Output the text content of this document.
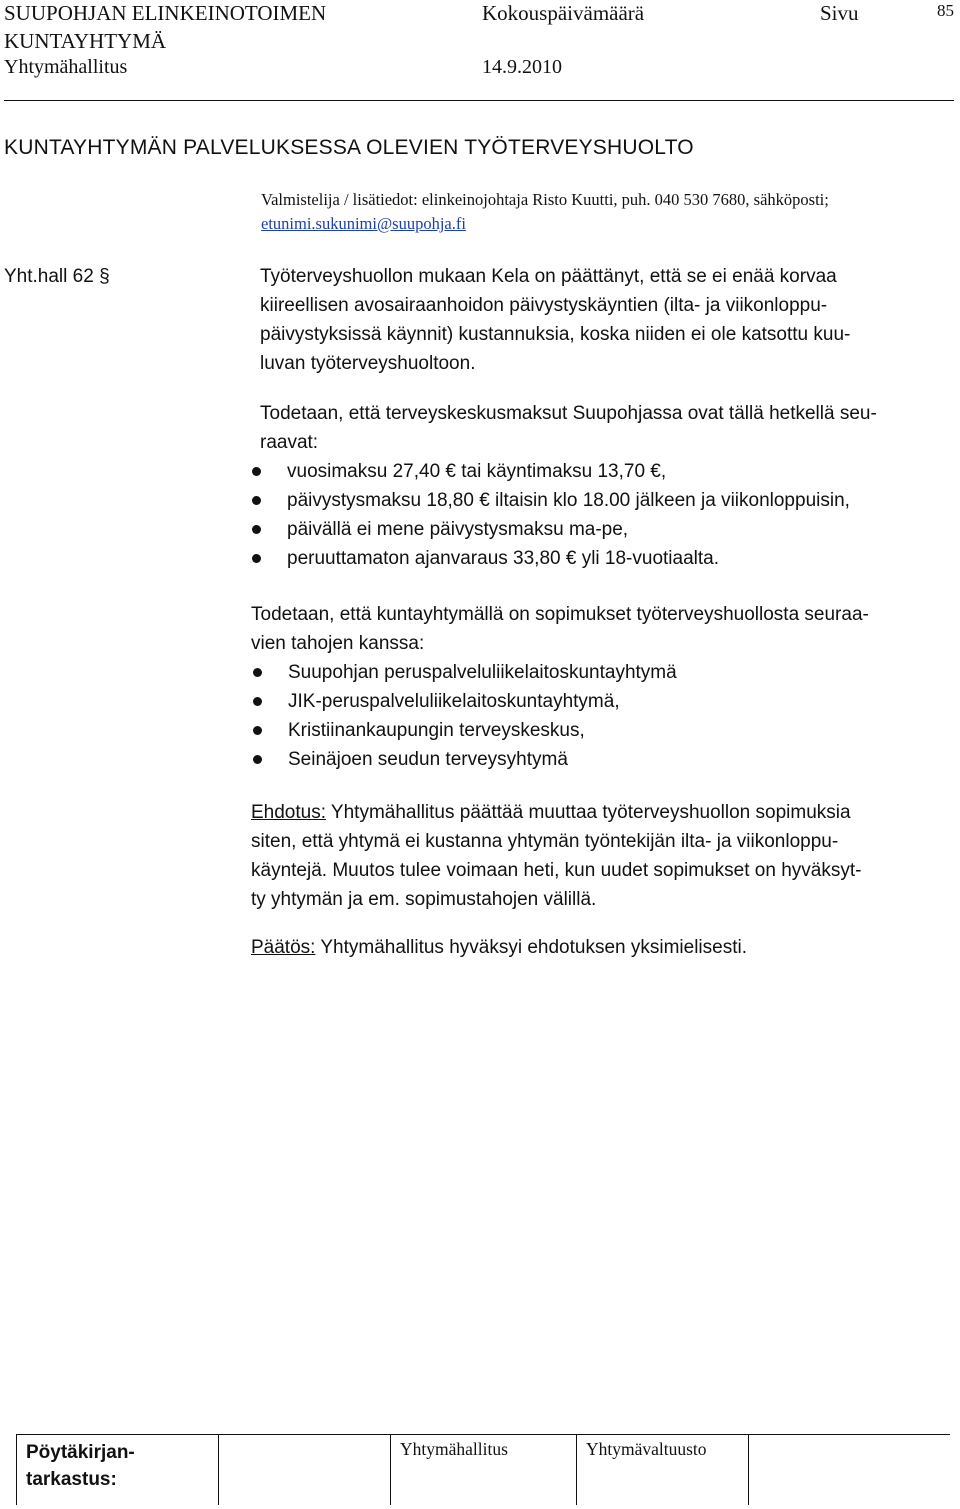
SUUPOHJAN ELINKEINOTOIMEN
KUNTAYHTYMÄ
Yhtymähallitus
Kokouspäivämäärä
14.9.2010
Sivu	85
KUNTAYHTYMÄN PALVELUKSESSA OLEVIEN TYÖTERVEYSHUOLTO
Valmistelija / lisätiedot: elinkeinojohtaja Risto Kuutti, puh. 040 530 7680, sähköposti;
etunimi.sukunimi@suupohja.fi
Yht.hall 62 §	Työterveyshuollon mukaan Kela on päättänyt, että se ei enää korvaa
kiireellisen avosairaanhoidon päivystyskäyntien (ilta- ja viikonloppu-
päivystyksissä käynnit) kustannuksia, koska niiden ei ole katsottu kuu-
luvan työterveyshuoltoon.
Todetaan, että terveyskeskusmaksut Suupohjassa ovat tällä hetkellä seu-
raavat:
vuosimaksu 27,40 € tai käyntimaksu 13,70 €,
päivystysmaksu 18,80 € iltaisin klo 18.00 jälkeen ja viikonloppuisin,
päivällä ei mene päivystysmaksu ma-pe,
peruuttamaton ajanvaraus 33,80 € yli 18-vuotiaalta.
Todetaan, että kuntayhtymällä on sopimukset työterveyshuollosta seuraa-
vien tahojen kanssa:
Suupohjan peruspalveluliikelaitoskuntayhtymä
JIK-peruspalveluliikelaitoskuntayhtymä,
Kristiinankaupungin terveyskeskus,
Seinäjoen seudun terveysyhtymä
Ehdotus: Yhtymähallitus päättää muuttaa työterveyshuollon sopimuksia
siten, että yhtymä ei kustanna yhtymän työntekijän ilta- ja viikonloppu-
käyntejä. Muutos tulee voimaan heti, kun uudet sopimukset on hyväksyt-
ty yhtymän ja em. sopimustahojen välillä.
Päätös: Yhtymähallitus hyväksyi ehdotuksen yksimielisesti.
Pöytäkirjan-
tarkastus:
Yhtymähallitus	Yhtymävaltuusto
